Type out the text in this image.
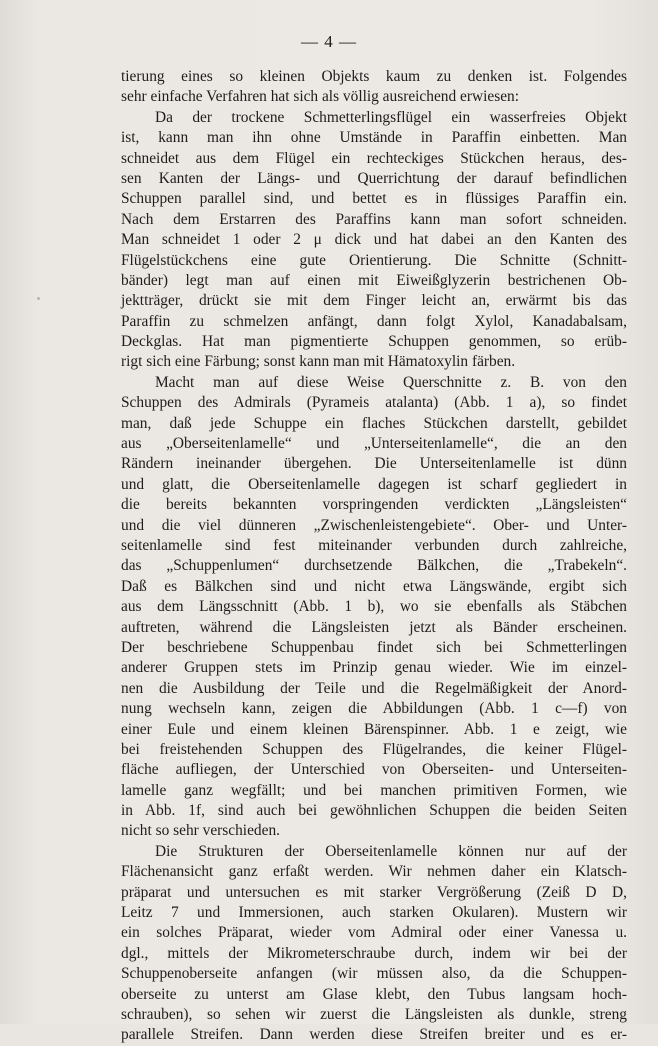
— 4 —
tierung eines so kleinen Objekts kaum zu denken ist. Folgendes
sehr einfache Verfahren hat sich als völlig ausreichend erwiesen:
Da der trockene Schmetterlingsflügel ein wasserfreies Objekt
ist, kann man ihn ohne Umstände in Paraffin einbetten. Man
schneidet aus dem Flügel ein rechteckiges Stückchen heraus, des-
sen Kanten der Längs- und Querrichtung der darauf befindlichen
Schuppen parallel sind, und bettet es in flüssiges Paraffin ein.
Nach dem Erstarren des Paraffins kann man sofort schneiden.
Man schneidet 1 oder 2 μ dick und hat dabei an den Kanten des
Flügelstückchens eine gute Orientierung. Die Schnitte (Schnitt-
bänder) legt man auf einen mit Eiweißglyzerin bestrichenen Ob-
jektträger, drückt sie mit dem Finger leicht an, erwärmt bis das
Paraffin zu schmelzen anfängt, dann folgt Xylol, Kanadabalsam,
Deckglas. Hat man pigmentierte Schuppen genommen, so erüb-
rigt sich eine Färbung; sonst kann man mit Hämatoxylin färben.
Macht man auf diese Weise Querschnitte z. B. von den
Schuppen des Admirals (Pyrameis atalanta) (Abb. 1 a), so findet
man, daß jede Schuppe ein flaches Stückchen darstellt, gebildet
aus „Oberseitenlamelle“ und „Unterseitenlamelle“, die an den
Rändern ineinander übergehen. Die Unterseitenlamelle ist dünn
und glatt, die Oberseitenlamelle dagegen ist scharf gegliedert in
die bereits bekannten vorspringenden verdickten „Längsleisten“
und die viel dünneren „Zwischenleistengebiete“. Ober- und Unter-
seitenlamelle sind fest miteinander verbunden durch zahlreiche,
das „Schuppenlumen“ durchsetzende Bälkchen, die „Trabekeln“.
Daß es Bälkchen sind und nicht etwa Längswände, ergibt sich
aus dem Längsschnitt (Abb. 1 b), wo sie ebenfalls als Stäbchen
auftreten, während die Längsleisten jetzt als Bänder erscheinen.
Der beschriebene Schuppenbau findet sich bei Schmetterlingen
anderer Gruppen stets im Prinzip genau wieder. Wie im einzel-
nen die Ausbildung der Teile und die Regelmäßigkeit der Anord-
nung wechseln kann, zeigen die Abbildungen (Abb. 1 c—f) von
einer Eule und einem kleinen Bärenspinner. Abb. 1 e zeigt, wie
bei freistehenden Schuppen des Flügelrandes, die keiner Flügel-
fläche aufliegen, der Unterschied von Oberseiten- und Unterseiten-
lamelle ganz wegfällt; und bei manchen primitiven Formen, wie
in Abb. 1f, sind auch bei gewöhnlichen Schuppen die beiden Seiten
nicht so sehr verschieden.
Die Strukturen der Oberseitenlamelle können nur auf der
Flächenansicht ganz erfaßt werden. Wir nehmen daher ein Klatsch-
präparat und untersuchen es mit starker Vergrößerung (Zeiß D D,
Leitz 7 und Immersionen, auch starken Okularen). Mustern wir
ein solches Präparat, wieder vom Admiral oder einer Vanessa u.
dgl., mittels der Mikrometerschraube durch, indem wir bei der
Schuppenoberseite anfangen (wir müssen also, da die Schuppen-
oberseite zu unterst am Glase klebt, den Tubus langsam hoch-
schrauben), so sehen wir zuerst die Längsleisten als dunkle, streng
parallele Streifen. Dann werden diese Streifen breiter und es er-
